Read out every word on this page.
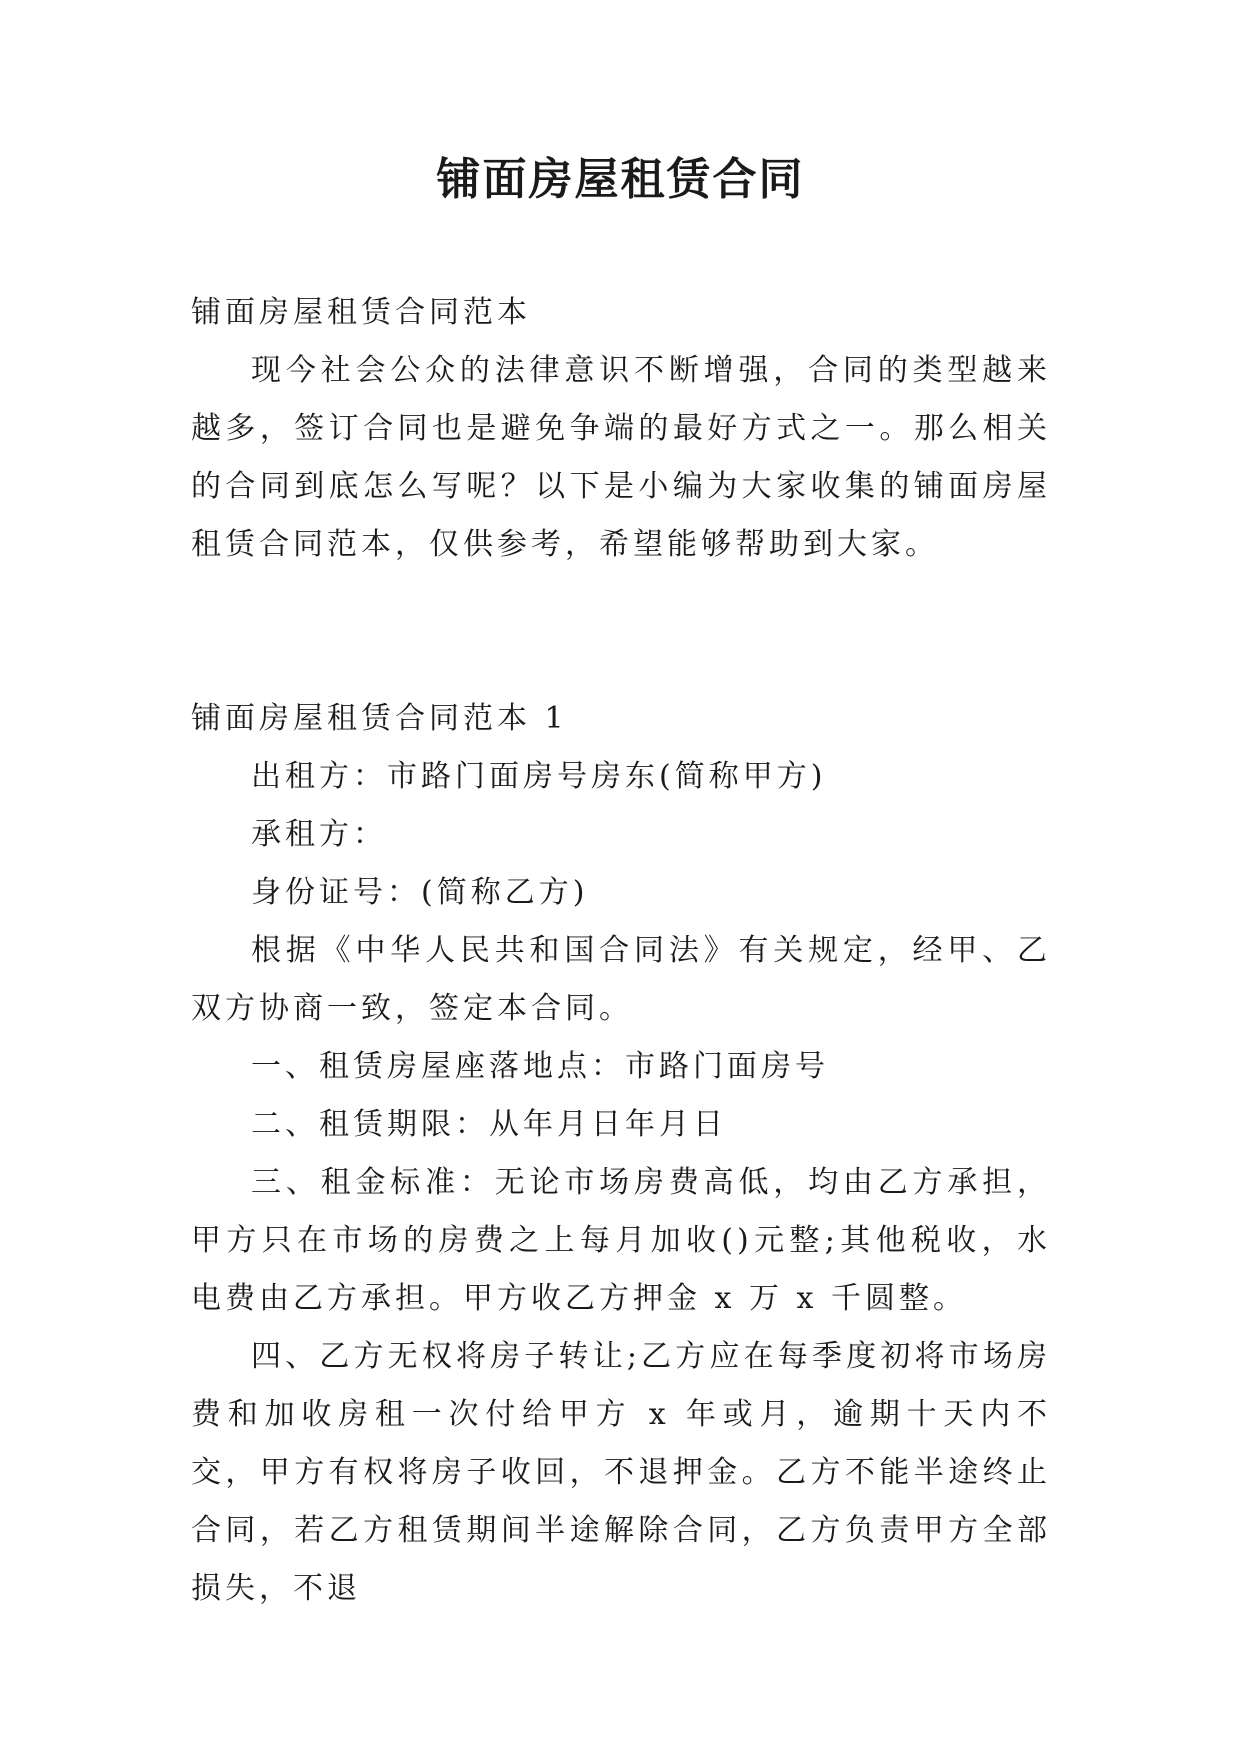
铺面房屋租赁合同

铺面房屋租赁合同范本

现今社会公众的法律意识不断增强，合同的类型越来越多，签订合同也是避免争端的最好方式之一。那么相关的合同到底怎么写呢？以下是小编为大家收集的铺面房屋租赁合同范本，仅供参考，希望能够帮助到大家。

铺面房屋租赁合同范本 1

出租方：市路门面房号房东(简称甲方)

承租方：

身份证号：(简称乙方)

根据《中华人民共和国合同法》有关规定，经甲、乙双方协商一致，签定本合同。

一、租赁房屋座落地点：市路门面房号

二、租赁期限：从年月日年月日

三、租金标准：无论市场房费高低，均由乙方承担，甲方只在市场的房费之上每月加收()元整;其他税收，水电费由乙方承担。甲方收乙方押金 x 万 x 千圆整。

四、乙方无权将房子转让;乙方应在每季度初将市场房费和加收房租一次付给甲方 x 年或月，逾期十天内不交，甲方有权将房子收回，不退押金。乙方不能半途终止合同，若乙方租赁期间半途解除合同，乙方负责甲方全部损失，不退
